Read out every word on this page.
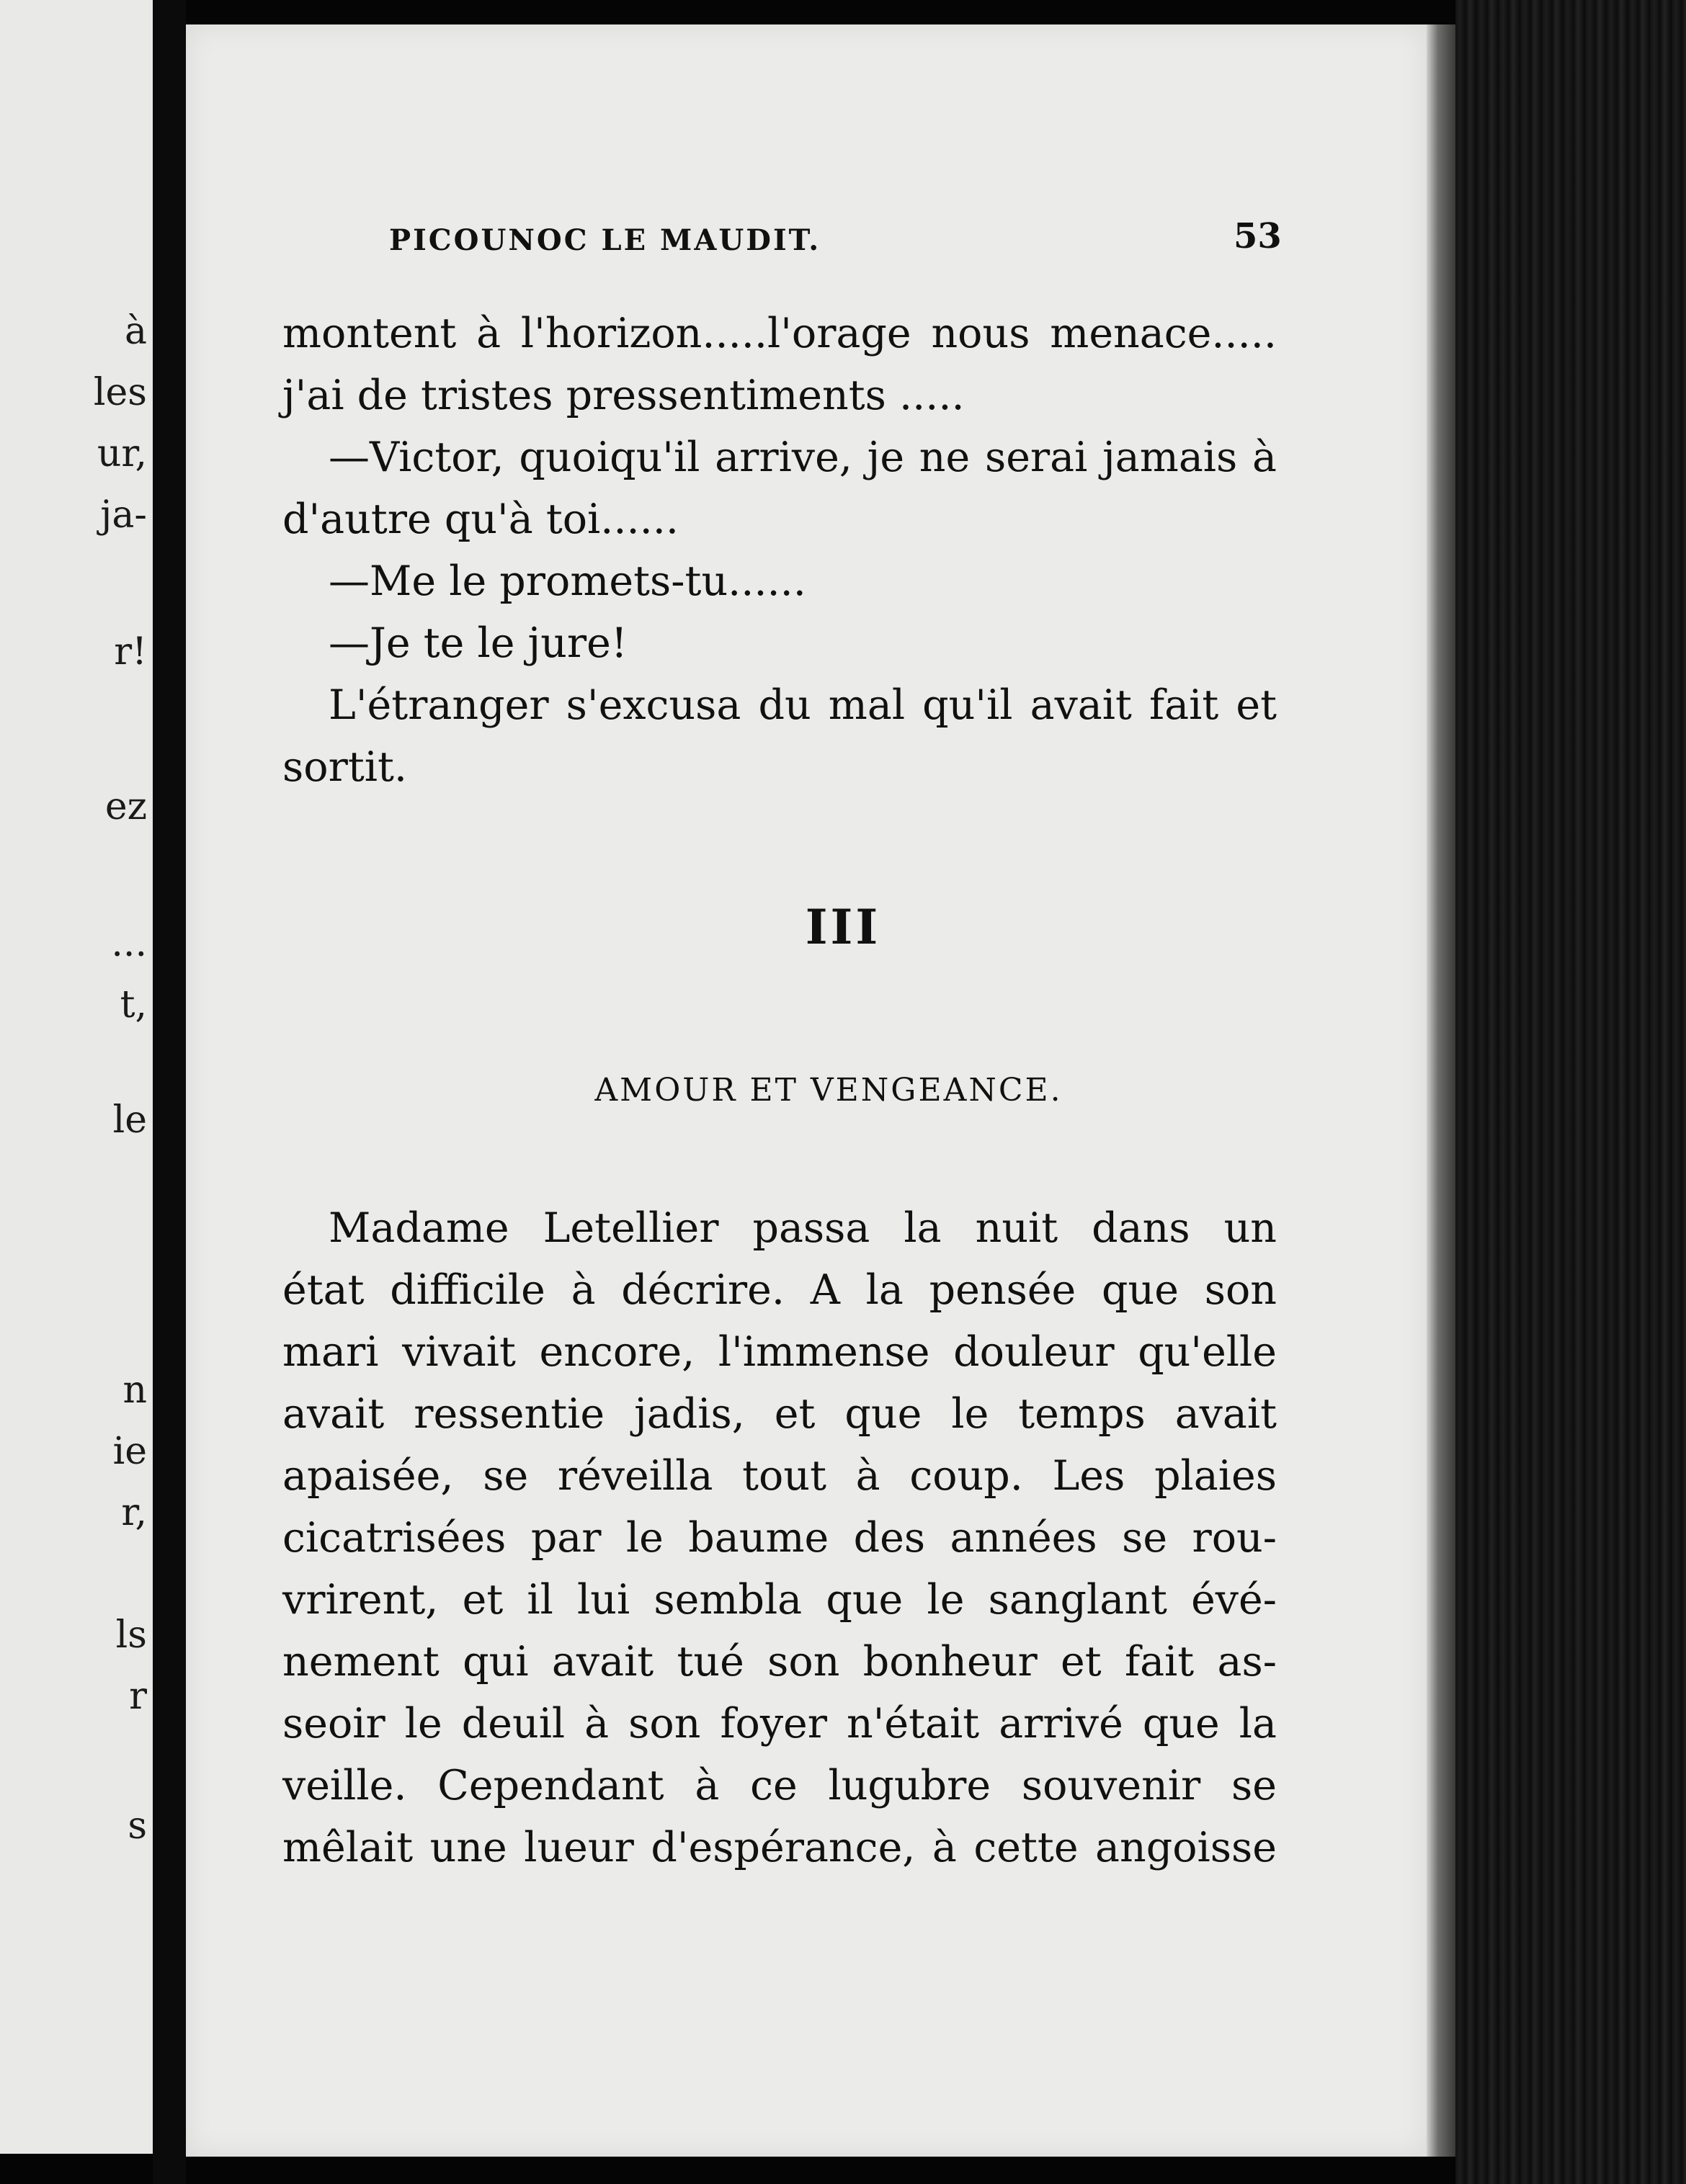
à
les
ur,
ja-
r!
ez
...
t,
le
n
ie
r,
ls
r
s
PICOUNOC LE MAUDIT.	53

montent à l'horizon.....l'orage nous menace..... j'ai de tristes pressentiments .....

—Victor, quoiqu'il arrive, je ne serai jamais à d'autre qu'à toi......

—Me le promets-tu......

—Je te le jure!

L'étranger s'excusa du mal qu'il avait fait et sortit.

III
AMOUR ET VENGEANCE.

Madame Letellier passa la nuit dans un

état difficile à décrire. A la pensée que son

mari vivait encore, l'immense douleur qu'elle

avait ressentie jadis, et que le temps avait

apaisée, se réveilla tout à coup. Les plaies

cicatrisées par le baume des années se rou-

vrirent, et il lui sembla que le sanglant évé-

nement qui avait tué son bonheur et fait as-

seoir le deuil à son foyer n'était arrivé que la

veille. Cependant à ce lugubre souvenir se

mêlait une lueur d'espérance, à cette angoisse
